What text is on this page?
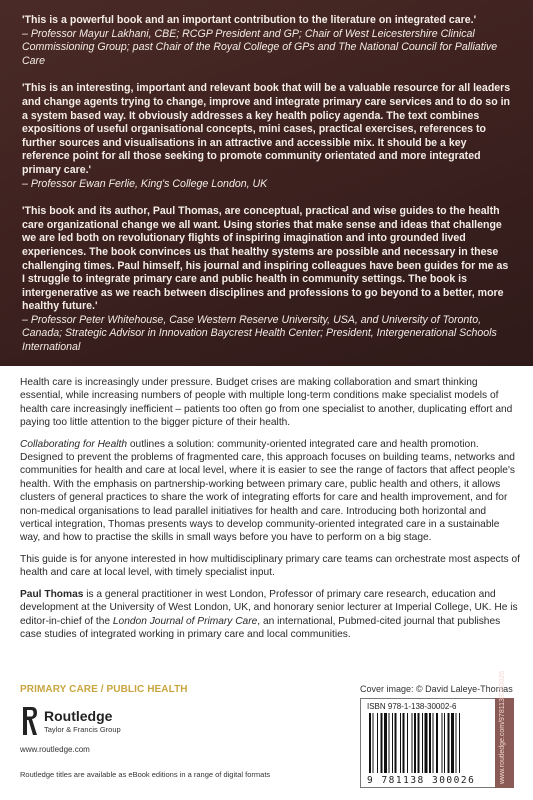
'This is a powerful book and an important contribution to the literature on integrated care.'
– Professor Mayur Lakhani, CBE; RCGP President and GP; Chair of West Leicestershire Clinical Commissioning Group; past Chair of the Royal College of GPs and The National Council for Palliative Care
'This is an interesting, important and relevant book that will be a valuable resource for all leaders and change agents trying to change, improve and integrate primary care services and to do so in a system based way. It obviously addresses a key health policy agenda. The text combines expositions of useful organisational concepts, mini cases, practical exercises, references to further sources and visualisations in an attractive and accessible mix. It should be a key reference point for all those seeking to promote community orientated and more integrated primary care.'
– Professor Ewan Ferlie, King's College London, UK
'This book and its author, Paul Thomas, are conceptual, practical and wise guides to the health care organizational change we all want. Using stories that make sense and ideas that challenge we are led both on revolutionary flights of inspiring imagination and into grounded lived experiences. The book convinces us that healthy systems are possible and necessary in these challenging times. Paul himself, his journal and inspiring colleagues have been guides for me as I struggle to integrate primary care and public health in community settings. The book is intergenerative as we reach between disciplines and professions to go beyond to a better, more healthy future.'
– Professor Peter Whitehouse, Case Western Reserve University, USA, and University of Toronto, Canada; Strategic Advisor in Innovation Baycrest Health Center; President, Intergenerational Schools International

Health care is increasingly under pressure. Budget crises are making collaboration and smart thinking essential, while increasing numbers of people with multiple long-term conditions make specialist models of health care increasingly inefficient – patients too often go from one specialist to another, duplicating effort and paying too little attention to the bigger picture of their health.

Collaborating for Health outlines a solution: community-oriented integrated care and health promotion. Designed to prevent the problems of fragmented care, this approach focuses on building teams, networks and communities for health and care at local level, where it is easier to see the range of factors that affect people's health. With the emphasis on partnership-working between primary care, public health and others, it allows clusters of general practices to share the work of integrating efforts for care and health improvement, and for non-medical organisations to lead parallel initiatives for health and care. Introducing both horizontal and vertical integration, Thomas presents ways to develop community-oriented integrated care in a sustainable way, and how to practise the skills in small ways before you have to perform on a big stage.

This guide is for anyone interested in how multidisciplinary primary care teams can orchestrate most aspects of health and care at local level, with timely specialist input.

Paul Thomas is a general practitioner in west London, Professor of primary care research, education and development at the University of West London, UK, and honorary senior lecturer at Imperial College, UK. He is editor-in-chief of the London Journal of Primary Care, an international, Pubmed-cited journal that publishes case studies of integrated working in primary care and local communities.

PRIMARY CARE / PUBLIC HEALTH	Cover image: © David Laleye-Thomas
Routledge
Taylor & Francis Group
www.routledge.com
Routledge titles are available as eBook editions in a range of digital formats
ISBN 978-1-138-30002-6
9 781138 300026	www.routledge.com/9781138300026
